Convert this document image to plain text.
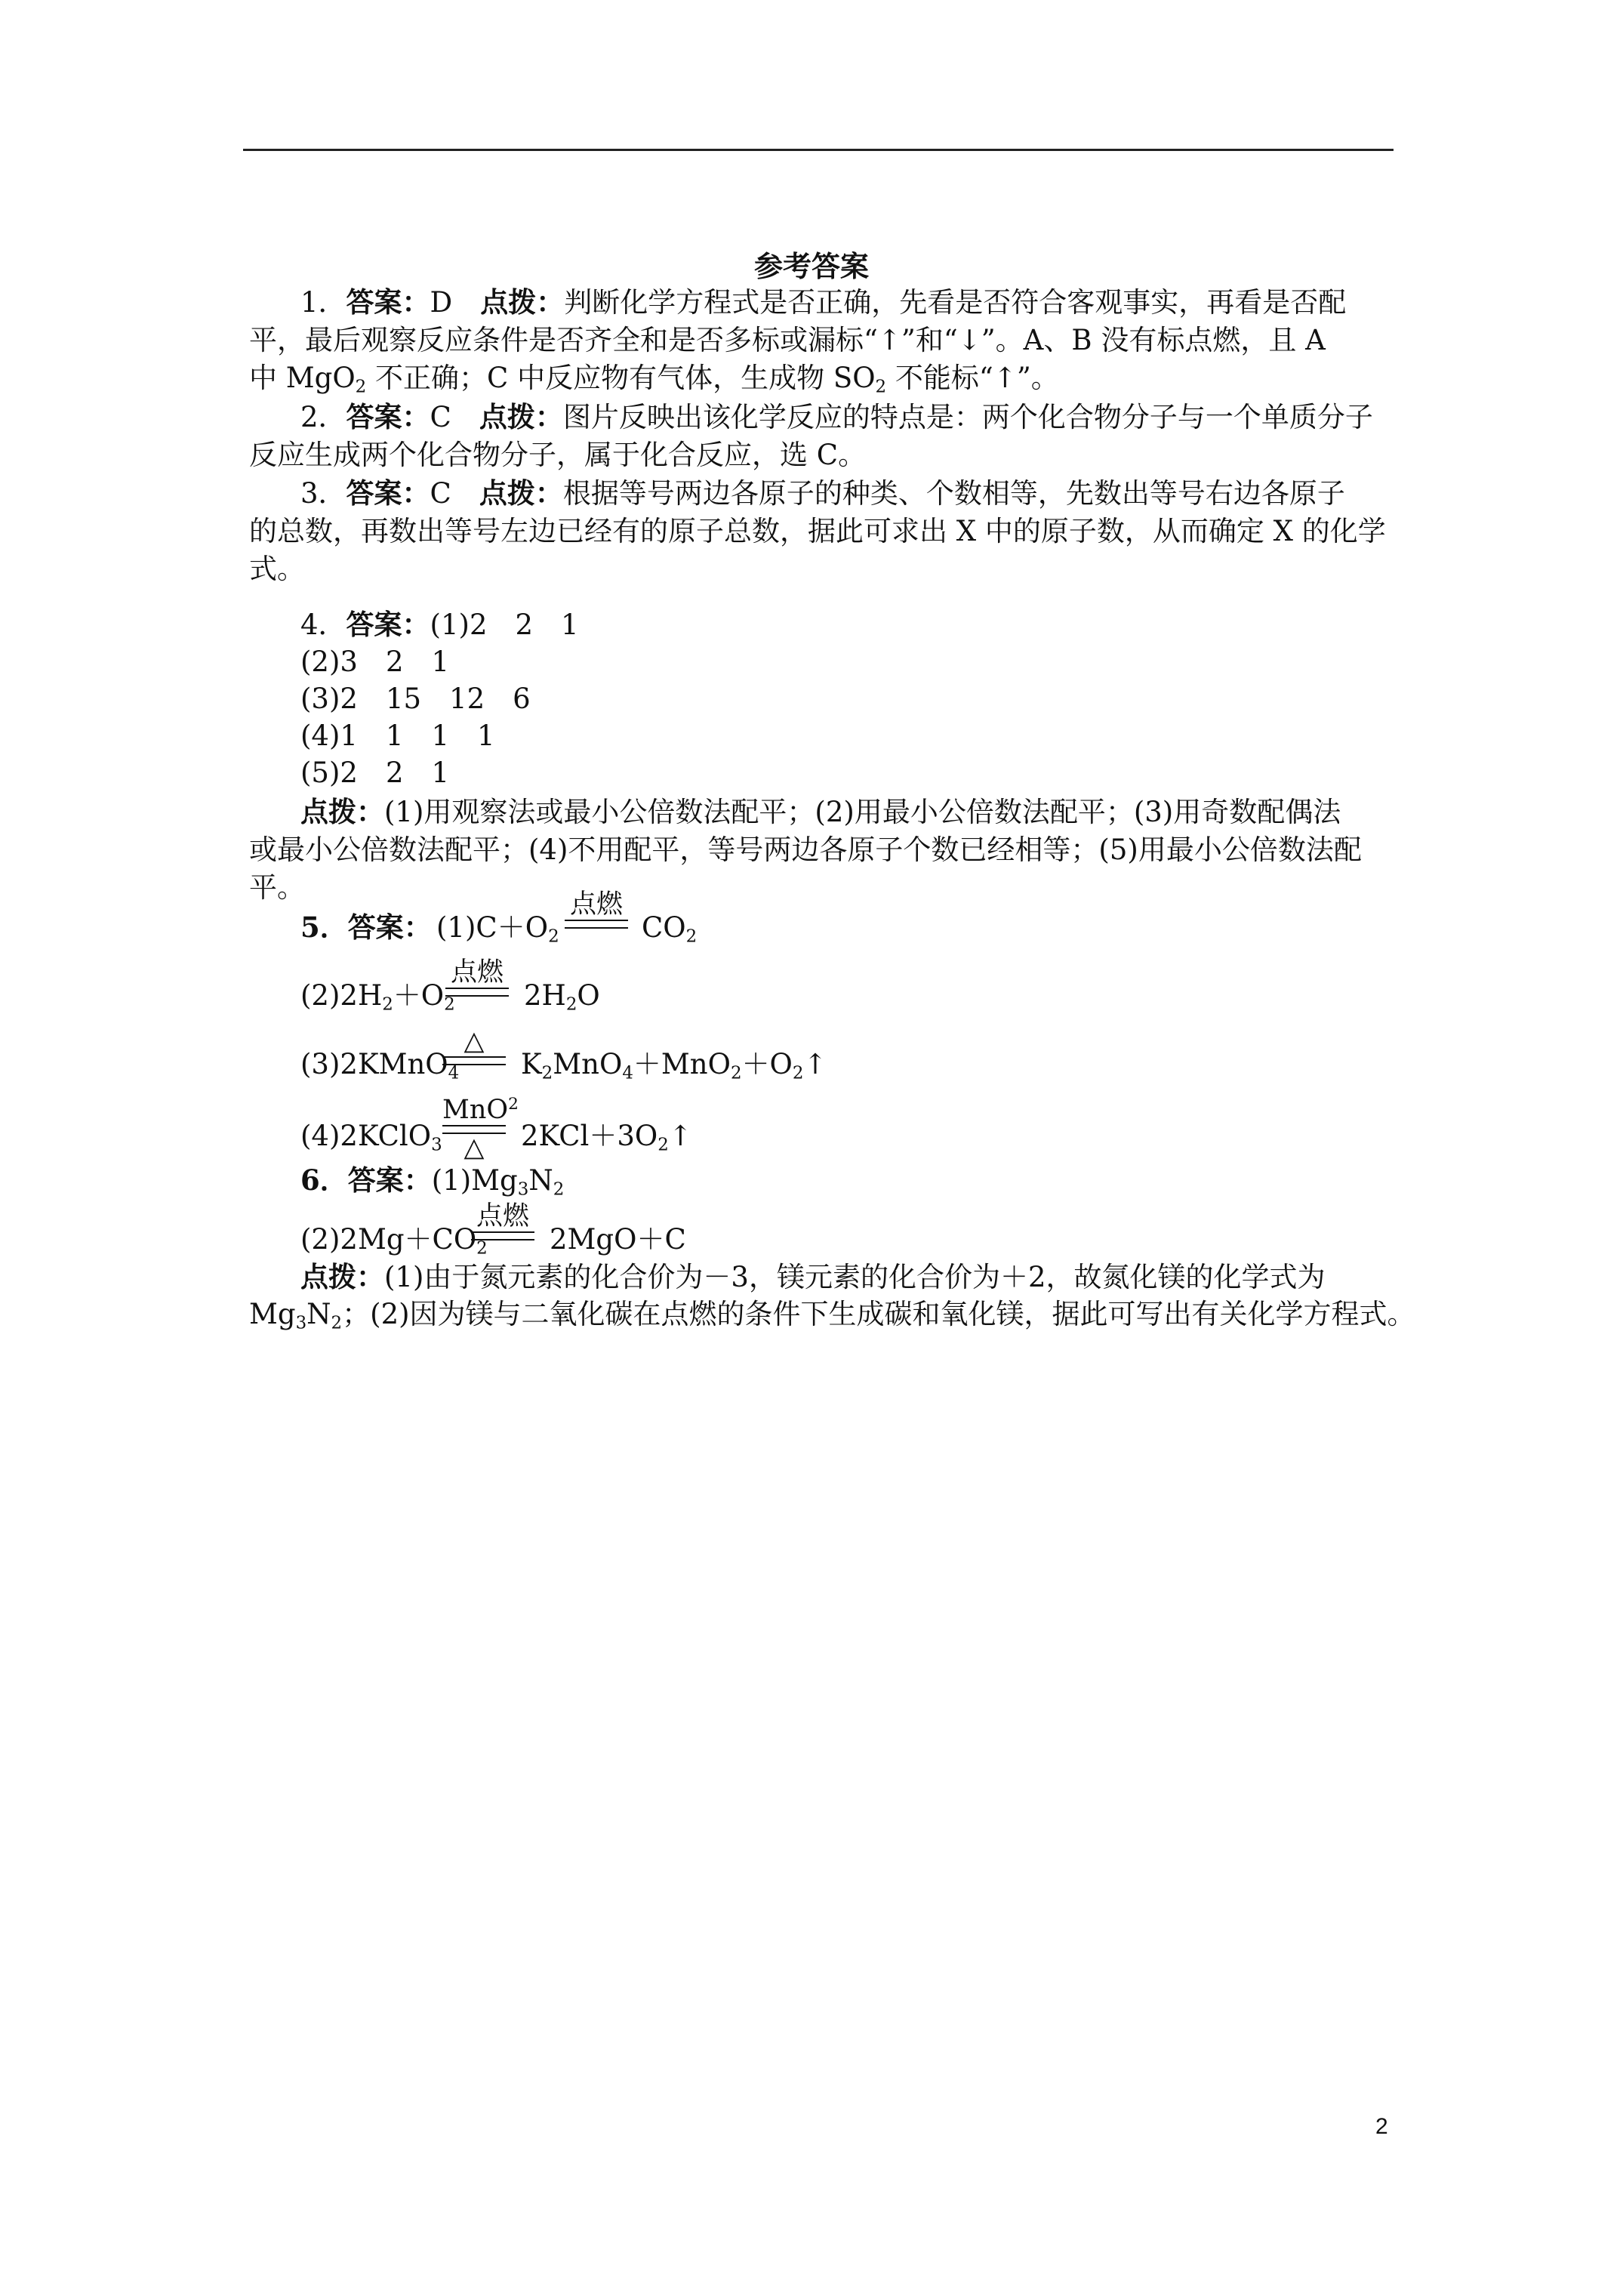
参考答案
1．答案：D　 点拨：判断化学方程式是否正确，先看是否符合客观事实，再看是否配
平，最后观察反应条件是否齐全和是否多标或漏标“↑”和“↓”。A、B 没有标点燃，且 A
中 MgO$_2$ 不正确；C 中反应物有气体，生成物 $SO_2$ 不能标“↑”。
2．答案：C　 点拨：图片反映出该化学反应的特点是：两个化合物分子与一个单质分子
反应生成两个化合物分子，属于化合反应，选 C。
3．答案：C　 点拨：根据等号两边各原子的种类、个数相等，先数出等号右边各原子
的总数，再数出等号左边已经有的原子总数，据此可求出 X 中的原子数，从而确定 X 的化学
式。
4．答案：(1)2　2　1
(2)3　2　1
(3)2　15　12　6
(4)1　1　1　1
(5)2　2　1
点拨：(1)用观察法或最小公倍数法配平；(2)用最小公倍数法配平；(3)用奇数配偶法
或最小公倍数法配平；(4)不用配平，等号两边各原子个数已经相等；(5)用最小公倍数法配
平。
5．答案： $(1)C+O_2$
点燃
$CO_2$
$(2)2H_2+O_2$
点燃
$2H_2O$
(3)2KMnO$_4$
△
$K_2MnO_4+MnO_2+O_2↑$
(4)2KClO$_3$
MnO$^2$
△	$2KCl+3O_2↑$
6．答案：$(1)Mg_3N_2$
$(2)2Mg+CO_2$
点燃
2MgO＋C
点拨：(1)由于氮元素的化合价为－3，镁元素的化合价为＋2，故氮化镁的化学式为
$Mg_3N_2$；(2)因为镁与二氧化碳在点燃的条件下生成碳和氧化镁，据此可写出有关化学方程式。
2
